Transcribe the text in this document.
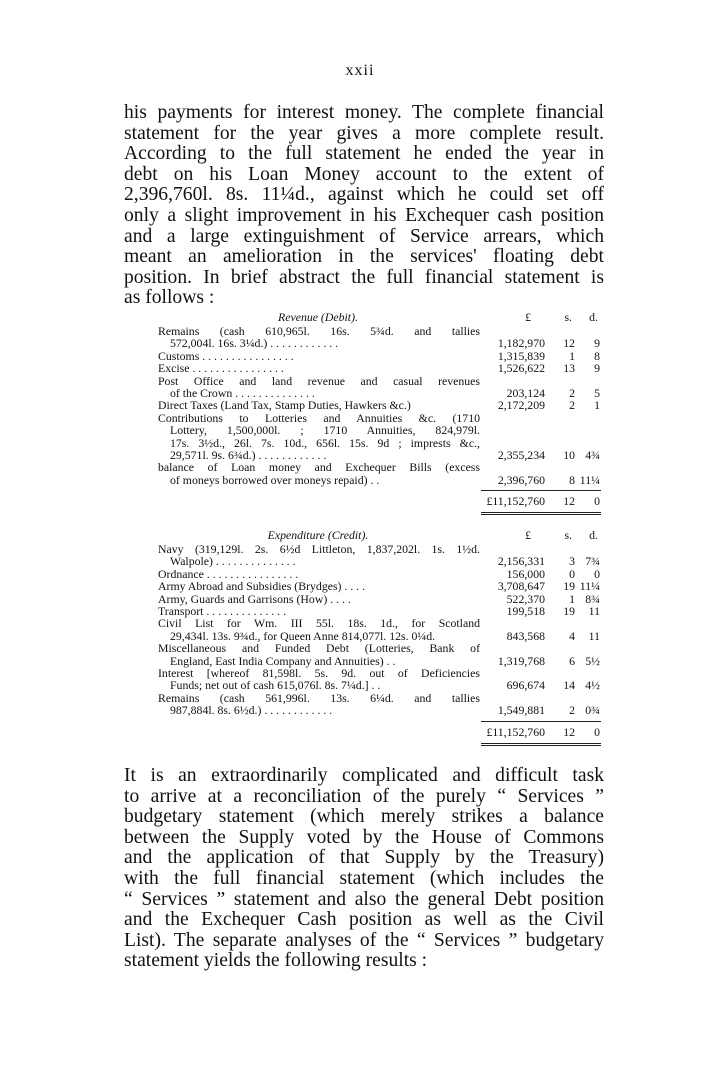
xxii
his payments for interest money. The complete financial
statement for the year gives a more complete result.
According to the full statement he ended the year in
debt on his Loan Money account to the extent of
2,396,760l. 8s. 11¼d., against which he could set off
only a slight improvement in his Exchequer cash position
and a large extinguishment of Service arrears, which
meant an amelioration in the services' floating debt
position. In brief abstract the full financial statement is
as follows :
Revenue (Debit).	£	s. d.
Remains (cash 610,965l. 16s. 5¾d. and tallies
572,004l. 16s. 3¼d.) . . . . . . . . . . . .	1,182,970 12 9
Customs . . . . . . . . . . . . . . . .	1,315,839 1 8
Excise . . . . . . . . . . . . . . . .	1,526,622 13 9
Post Office and land revenue and casual revenues
of the Crown . . . . . . . . . . . . . .	203,124 2 5
Direct Taxes (Land Tax, Stamp Duties, Hawkers &c.)	2,172,209 2 1
Contributions to Lotteries and Annuities &c. (1710
Lottery, 1,500,000l. ; 1710 Annuities, 824,979l.
17s. 3½d., 26l. 7s. 10d., 656l. 15s. 9d ; imprests &c.,
29,571l. 9s. 6¾d.) . . . . . . . . . . . .	2,355,234 10 4¾
balance of Loan money and Exchequer Bills (excess
of moneys borrowed over moneys repaid) . .	2,396,760 8 11¼
£11,152,760 12 0
Expenditure (Credit).	£	s. d.
Navy (319,129l. 2s. 6½d Littleton, 1,837,202l. 1s. 1½d.
Walpole) . . . . . . . . . . . . . .	2,156,331 3 7¾
Ordnance . . . . . . . . . . . . . . . .	156,000 0 0
Army Abroad and Subsidies (Brydges) . . . .	3,708,647 19 11¼
Army, Guards and Garrisons (How) . . . .	522,370 1 8¾
Transport . . . . . . . . . . . . . .	199,518 19 11
Civil List for Wm. III 55l. 18s. 1d., for Scotland
29,434l. 13s. 9¾d., for Queen Anne 814,077l. 12s. 0¼d.	843,568 4 11
Miscellaneous and Funded Debt (Lotteries, Bank of
England, East India Company and Annuities) . .	1,319,768 6 5½
Interest [whereof 81,598l. 5s. 9d. out of Deficiencies
Funds; net out of cash 615,076l. 8s. 7¼d.] . .	696,674 14 4½
Remains (cash 561,996l. 13s. 6¼d. and tallies
987,884l. 8s. 6½d.) . . . . . . . . . . . .	1,549,881 2 0¾
£11,152,760 12 0
It is an extraordinarily complicated and difficult task
to arrive at a reconciliation of the purely “ Services ”
budgetary statement (which merely strikes a balance
between the Supply voted by the House of Commons
and the application of that Supply by the Treasury)
with the full financial statement (which includes the
“ Services ” statement and also the general Debt position
and the Exchequer Cash position as well as the Civil
List). The separate analyses of the “ Services ” budgetary
statement yields the following results :
